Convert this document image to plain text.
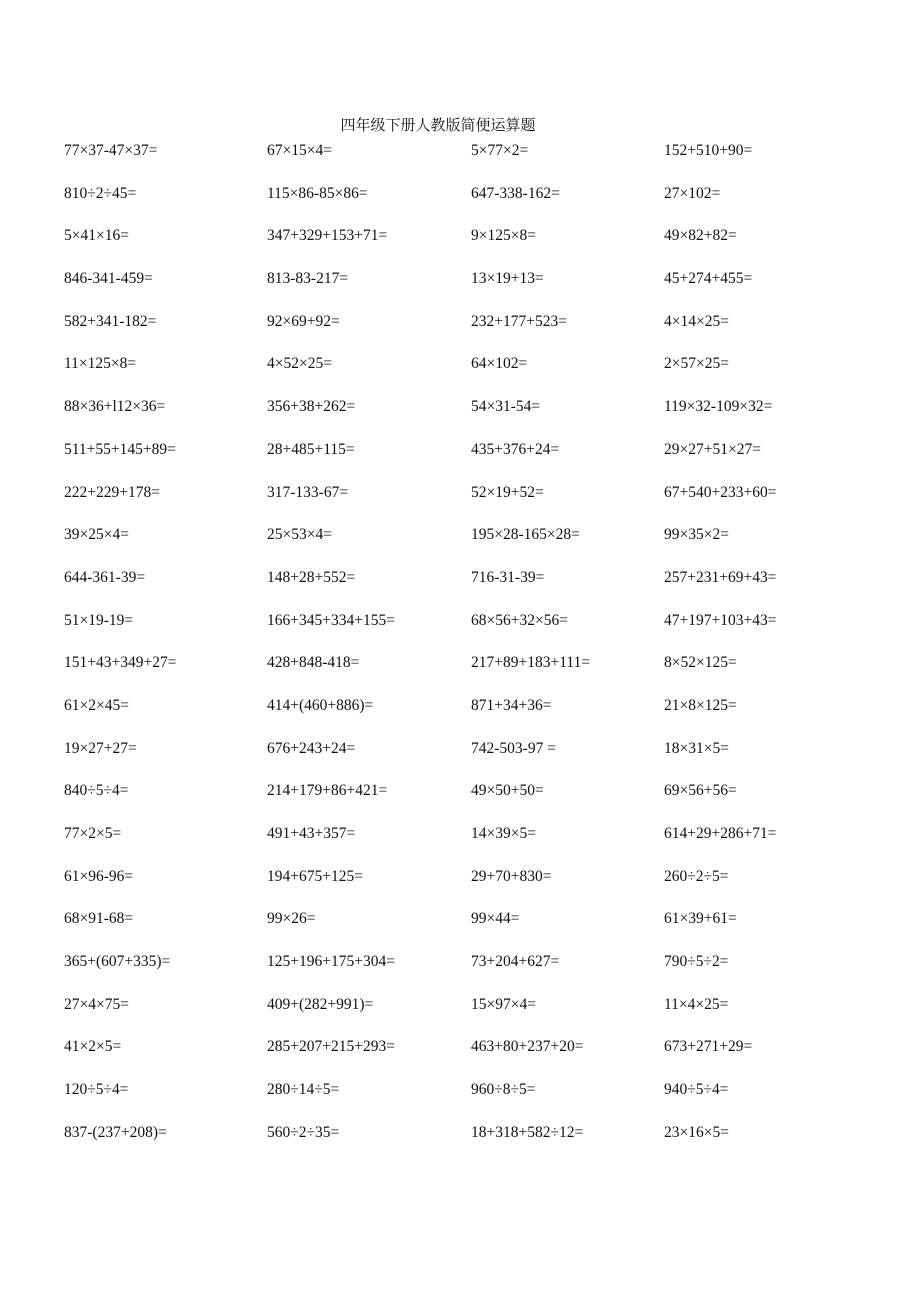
四年级下册人教版简便运算题
77×37-47×37=	67×15×4=	5×77×2=	152+510+90=
810÷2÷45=	115×86-85×86=	647-338-162=	27×102=
5×41×16=	347+329+153+71=	9×125×8=	49×82+82=
846-341-459=	813-83-217=	13×19+13=	45+274+455=
582+341-182=	92×69+92=	232+177+523=	4×14×25=
11×125×8=	4×52×25=	64×102=	2×57×25=
88×36+l12×36=	356+38+262=	54×31-54=	119×32-109×32=
511+55+145+89=	28+485+115=	435+376+24=	29×27+51×27=
222+229+178=	317-133-67=	52×19+52=	67+540+233+60=
39×25×4=	25×53×4=	195×28-165×28=	99×35×2=
644-361-39=	148+28+552=	716-31-39=	257+231+69+43=
51×19-19=	166+345+334+155=	68×56+32×56=	47+197+103+43=
151+43+349+27=	428+848-418=	217+89+183+111=	8×52×125=
61×2×45=	414+(460+886)=	871+34+36=	21×8×125=
19×27+27=	676+243+24=	742-503-97 =	18×31×5=
840÷5÷4=	214+179+86+421=	49×50+50=	69×56+56=
77×2×5=	491+43+357=	14×39×5=	614+29+286+71=
61×96-96=	194+675+125=	29+70+830=	260÷2÷5=
68×91-68=	99×26=	99×44=	61×39+61=
365+(607+335)=	125+196+175+304=	73+204+627=	790÷5÷2=
27×4×75=	409+(282+991)=	15×97×4=	11×4×25=
41×2×5=	285+207+215+293=	463+80+237+20=	673+271+29=
120÷5÷4=	280÷14÷5=	960÷8÷5=	940÷5÷4=
837-(237+208)=	560÷2÷35=	18+318+582÷12=	23×16×5=
